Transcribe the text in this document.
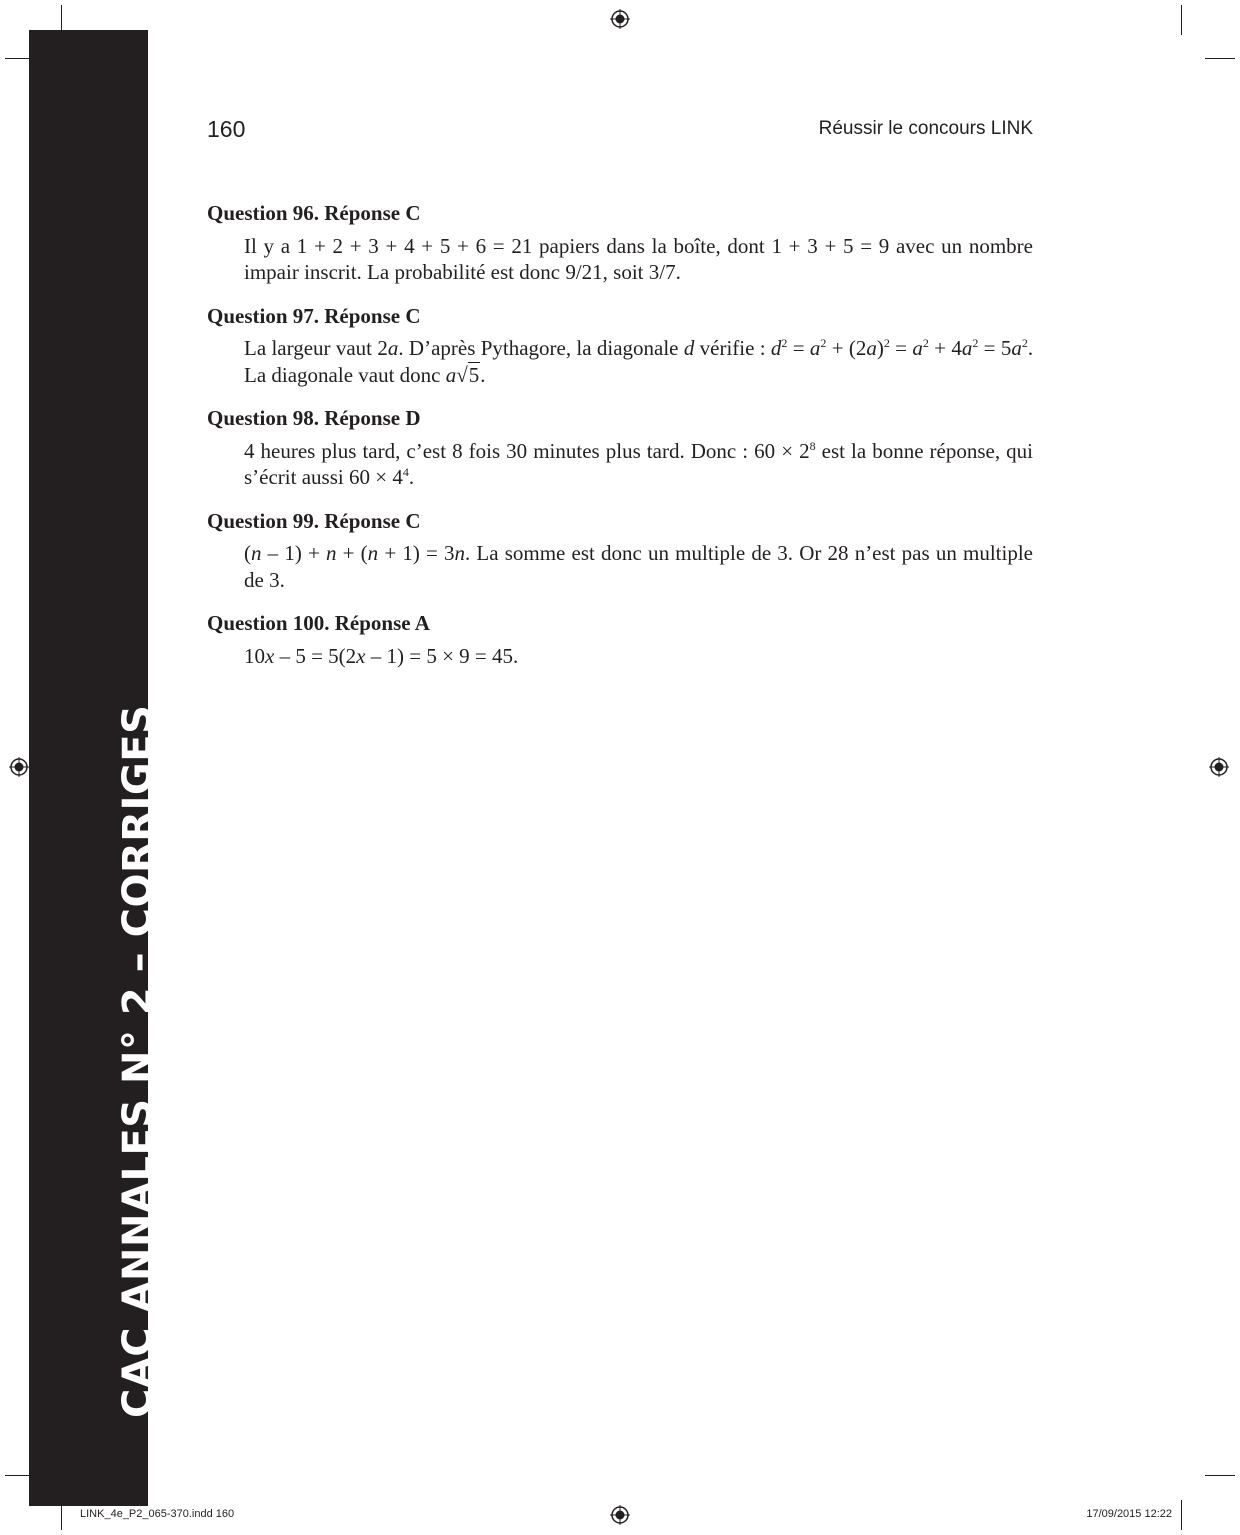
CAC ANNALES N° 2 – CORRIGES
160	Réussir le concours LINK
Question 96. Réponse C

Il y a 1 + 2 + 3 + 4 + 5 + 6 = 21 papiers dans la boîte, dont 1 + 3 + 5 = 9 avec un nombre impair inscrit. La probabilité est donc 9/21, soit 3/7.

Question 97. Réponse C

La largeur vaut 2a. D’après Pythagore, la diagonale d vérifie : $d^2 = a^2 + (2a)^2 = a^2 + 4a^2 = 5a^2$. La diagonale vaut donc a√5.

Question 98. Réponse D

4 heures plus tard, c’est 8 fois 30 minutes plus tard. Donc : $60 \times 2^8$ est la bonne réponse, qui s’écrit aussi $60 \times 4^4$.

Question 99. Réponse C

(n – 1) + n + (n + 1) = 3n. La somme est donc un multiple de 3. Or 28 n’est pas un multiple de 3.

Question 100. Réponse A

10x – 5 = 5(2x – 1) = 5 × 9 = 45.

LINK_4e_P2_065-370.indd 160	17/09/2015 12:22
